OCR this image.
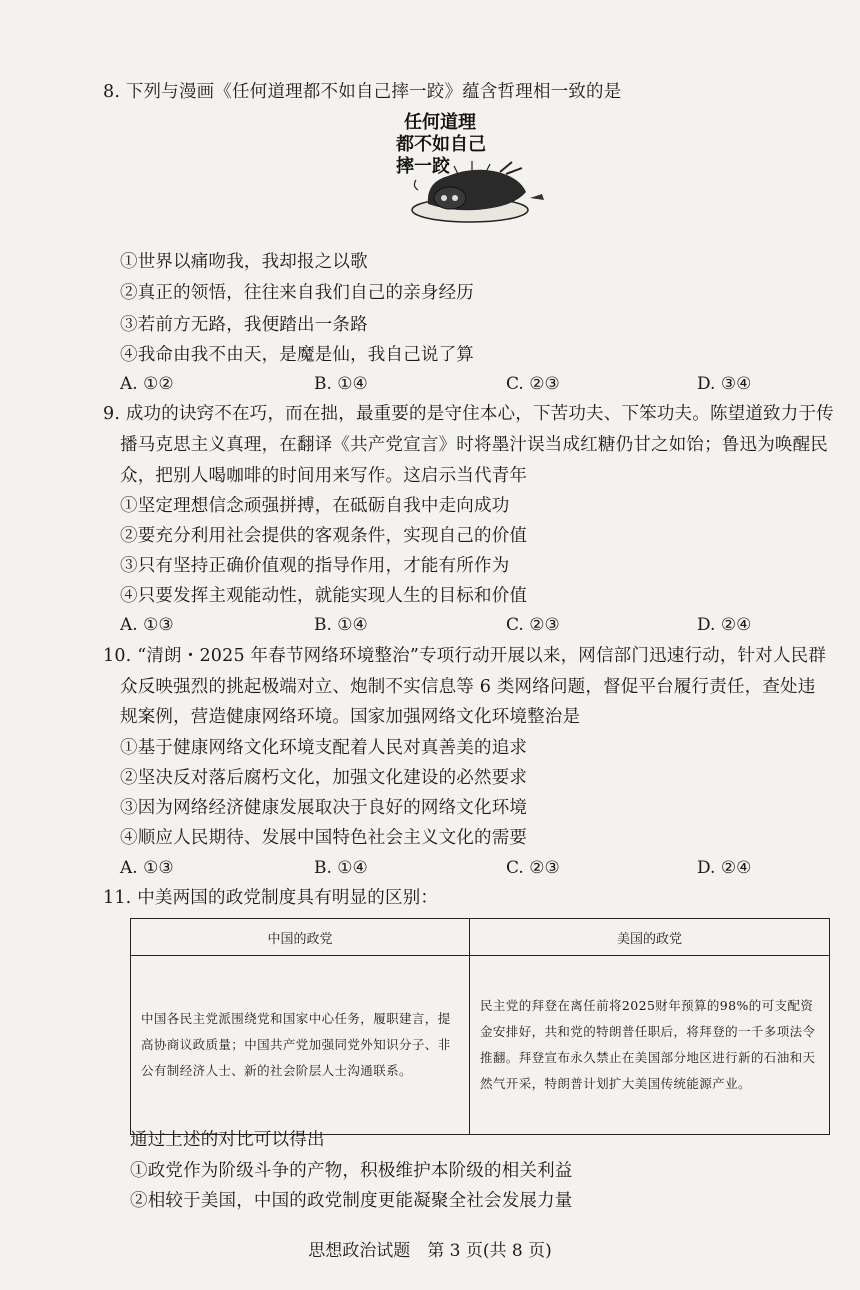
8. 下列与漫画《任何道理都不如自己摔一跤》蕴含哲理相一致的是
任何道理
都不如自己
摔一跤
①世界以痛吻我，我却报之以歌
②真正的领悟，往往来自我们自己的亲身经历
③若前方无路，我便踏出一条路
④我命由我不由天，是魔是仙，我自己说了算
A. ①②	B. ①④	C. ②③	D. ③④
9. 成功的诀窍不在巧，而在拙，最重要的是守住本心，下苦功夫、下笨功夫。陈望道致力于传
播马克思主义真理，在翻译《共产党宣言》时将墨汁误当成红糖仍甘之如饴；鲁迅为唤醒民
众，把别人喝咖啡的时间用来写作。这启示当代青年
①坚定理想信念顽强拼搏，在砥砺自我中走向成功
②要充分利用社会提供的客观条件，实现自己的价值
③只有坚持正确价值观的指导作用，才能有所作为
④只要发挥主观能动性，就能实现人生的目标和价值
A. ①③	B. ①④	C. ②③	D. ②④
10. “清朗・2025 年春节网络环境整治”专项行动开展以来，网信部门迅速行动，针对人民群
众反映强烈的挑起极端对立、炮制不实信息等 6 类网络问题，督促平台履行责任，查处违
规案例，营造健康网络环境。国家加强网络文化环境整治是
①基于健康网络文化环境支配着人民对真善美的追求
②坚决反对落后腐朽文化，加强文化建设的必然要求
③因为网络经济健康发展取决于良好的网络文化环境
④顺应人民期待、发展中国特色社会主义文化的需要
A. ①③	B. ①④	C. ②③	D. ②④
11. 中美两国的政党制度具有明显的区别：
中国的政党	美国的政党
中国各民主党派围绕党和国家中心任务，履职建言，提高协商议政质量；中国共产党加强同党外知识分子、非公有制经济人士、新的社会阶层人士沟通联系。	民主党的拜登在离任前将2025财年预算的98%的可支配资金安排好，共和党的特朗普任职后，将拜登的一千多项法令推翻。拜登宣布永久禁止在美国部分地区进行新的石油和天然气开采，特朗普计划扩大美国传统能源产业。
通过上述的对比可以得出
①政党作为阶级斗争的产物，积极维护本阶级的相关利益
②相较于美国，中国的政党制度更能凝聚全社会发展力量
思想政治试题　第 3 页(共 8 页)
